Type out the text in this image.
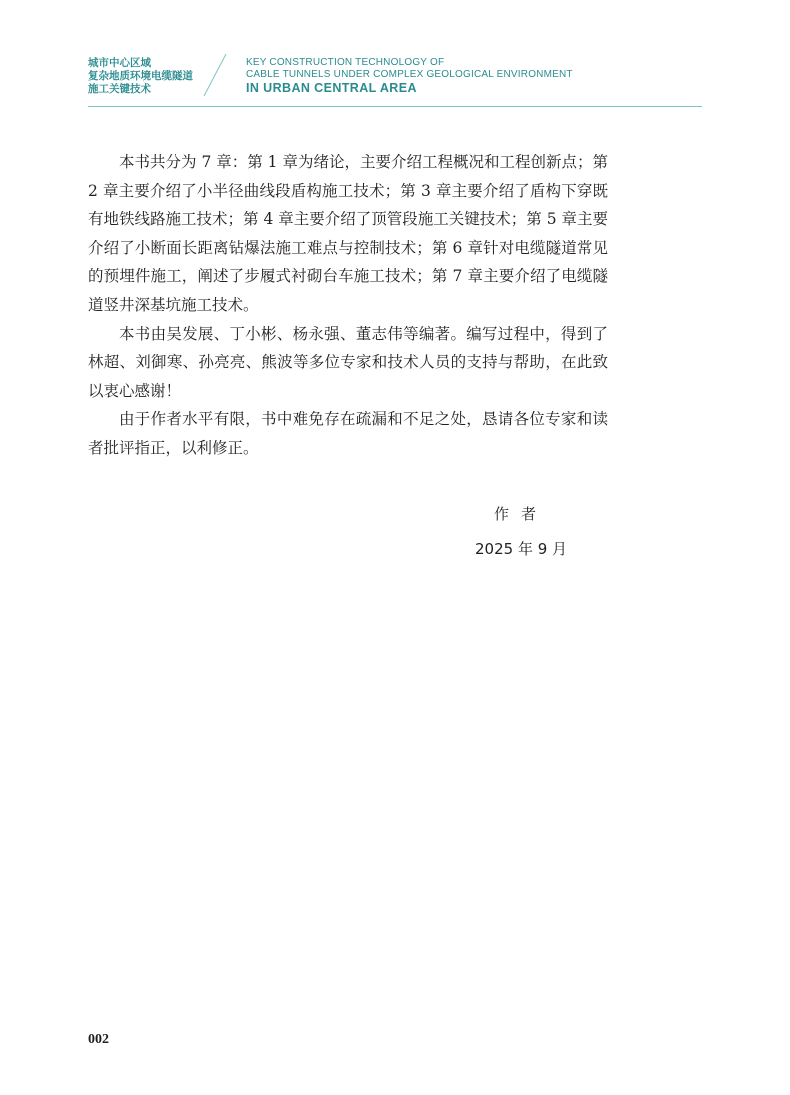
城市中心区域
复杂地质环境电缆隧道
施工关键技术
KEY CONSTRUCTION TECHNOLOGY OF
CABLE TUNNELS UNDER COMPLEX GEOLOGICAL ENVIRONMENT
IN URBAN CENTRAL AREA

本书共分为 7 章：第 1 章为绪论，主要介绍工程概况和工程创新点；第 2 章主要介绍了小半径曲线段盾构施工技术；第 3 章主要介绍了盾构下穿既有地铁线路施工技术；第 4 章主要介绍了顶管段施工关键技术；第 5 章主要介绍了小断面长距离钻爆法施工难点与控制技术；第 6 章针对电缆隧道常见的预埋件施工，阐述了步履式衬砌台车施工技术；第 7 章主要介绍了电缆隧道竖井深基坑施工技术。

本书由吴发展、丁小彬、杨永强、董志伟等编著。编写过程中，得到了林超、刘御寒、孙亮亮、熊波等多位专家和技术人员的支持与帮助，在此致以衷心感谢！

由于作者水平有限，书中难免存在疏漏和不足之处，恳请各位专家和读者批评指正，以利修正。

作者
2025 年 9 月
002
